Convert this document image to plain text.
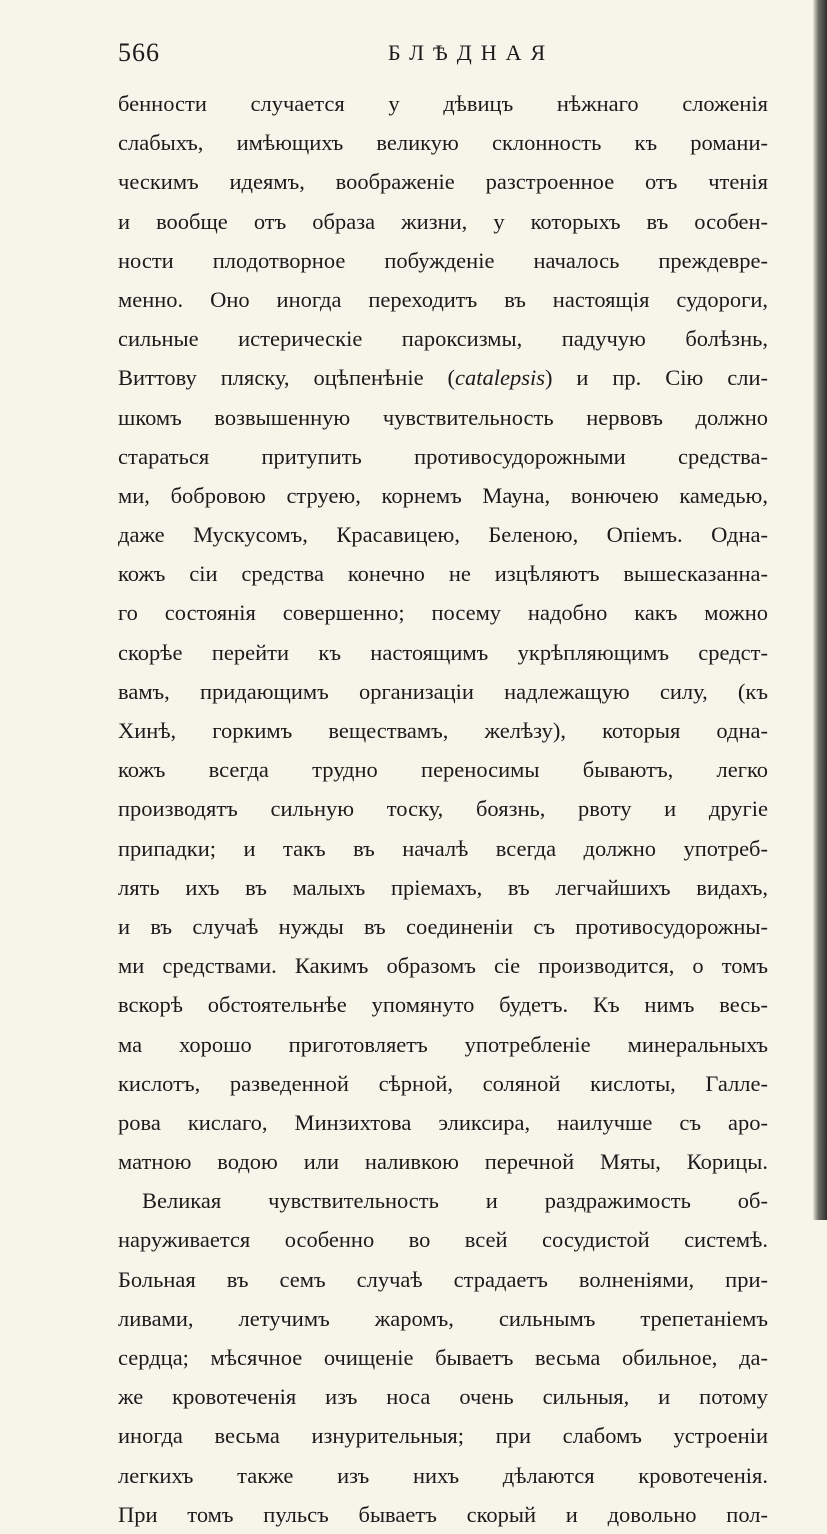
566	БЛѢДНАЯ
бенности случается у дѣвицъ нѣжнаго сложенія
слабыхъ, имѣющихъ великую склонность къ романи-
ческимъ идеямъ, воображеніе разстроенное отъ чтенія
и вообще отъ образа жизни, у которыхъ въ особен-
ности плодотворное побужденіе началось преждевре-
менно. Оно иногда переходитъ въ настоящія судороги,
сильные истерическіе пароксизмы, падучую болѣзнь,
Виттову пляску, оцѣпенѣніе (catalepsis) и пр. Сію сли-
шкомъ возвышенную чувствительность нервовъ должно
стараться притупить противосудорожными средства-
ми, бобровою струею, корнемъ Мауна, вонючею камедью,
даже Мускусомъ, Красавицею, Беленою, Опіемъ. Одна-
кожъ сіи средства конечно не изцѣляютъ вышесказанна-
го состоянія совершенно; посему надобно какъ можно
скорѣе перейти къ настоящимъ укрѣпляющимъ средст-
вамъ, придающимъ организаціи надлежащую силу, (къ
Хинѣ, горкимъ веществамъ, желѣзу), которыя одна-
кожъ всегда трудно переносимы бываютъ, легко
производятъ сильную тоску, боязнь, рвоту и другіе
припадки; и такъ въ началѣ всегда должно употреб-
лять ихъ въ малыхъ пріемахъ, въ легчайшихъ видахъ,
и въ случаѣ нужды въ соединеніи съ противосудорожны-
ми средствами. Какимъ образомъ сіе производится, о томъ
вскорѣ обстоятельнѣе упомянуто будетъ. Къ нимъ весь-
ма хорошо приготовляетъ употребленіе минеральныхъ
кислотъ, разведенной сѣрной, соляной кислоты, Галле-
рова кислаго, Минзихтова эликсира, наилучше съ аро-
матною водою или наливкою перечной Мяты, Корицы.
Великая чувствительность и раздражимость об-
наруживается особенно во всей сосудистой системѣ.
Больная въ семъ случаѣ страдаетъ волненіями, при-
ливами, летучимъ жаромъ, сильнымъ трепетаніемъ
сердца; мѣсячное очищеніе бываетъ весьма обильное, да-
же кровотеченія изъ носа очень сильныя, и потому
иногда весьма изнурительныя; при слабомъ устроеніи
легкихъ также изъ нихъ дѣлаются кровотеченія.
При томъ пульсъ бываетъ скорый и довольно пол-
